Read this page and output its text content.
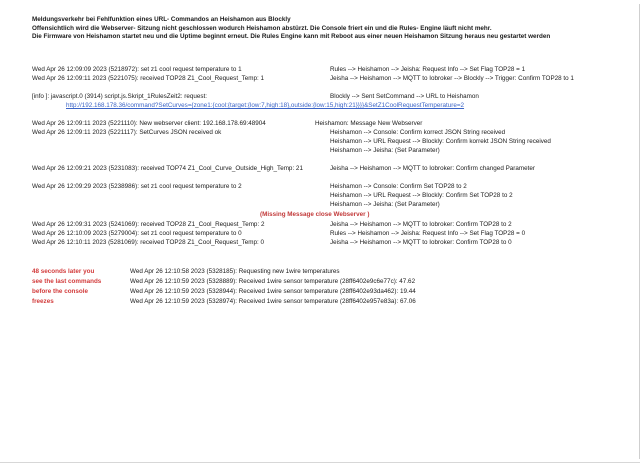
Meldungsverkehr bei Fehlfunktion eines URL- Commandos an Heishamon aus Blockly
Offensichtlich wird die Webserver- Sitzung nicht geschlossen wodurch Heishamon abstürzt. Die Console friert ein und die Rules- Engine läuft nicht mehr.
Die Firmware von Heishamon startet neu und die Uptime beginnt erneut. Die Rules Engine kann mit Reboot aus einer neuen Heishamon Sitzung heraus neu gestartet werden
Wed Apr 26 12:09:09 2023 (5218972): set z1 cool request temperature to 1
Wed Apr 26 12:09:11 2023 (5221075): received TOP28 Z1_Cool_Request_Temp: 1
[info ]: javascript.0 (3914) script.js.Skript_1RulesZeit2: request:
http://192.168.178.36/command?SetCurves={zone1:{cool:{target:{low:7,high:18},outside:{low:15,high:21}}}}&SetZ1CoolRequestTemperature=2
Wed Apr 26 12:09:11 2023 (5221110): New webserver client: 192.168.178.69:48904
Wed Apr 26 12:09:11 2023 (5221117): SetCurves JSON received ok
Wed Apr 26 12:09:21 2023 (5231083): received TOP74 Z1_Cool_Curve_Outside_High_Temp: 21
Wed Apr 26 12:09:29 2023 (5238986): set z1 cool request temperature to 2
Wed Apr 26 12:09:31 2023 (5241069): received TOP28 Z1_Cool_Request_Temp: 2
Wed Apr 26 12:10:09 2023 (5279004): set z1 cool request temperature to 0
Wed Apr 26 12:10:11 2023 (5281069): received TOP28 Z1_Cool_Request_Temp: 0
Rules --> Heishamon --> Jeisha: Request Info --> Set Flag TOP28 = 1
Jeisha --> Heishamon --> MQTT to Iobroker --> Blockly --> Trigger: Confirm TOP28 to 1
Blockly --> Sent SetCommand --> URL to Heishamon
Heishamon: Message New Webserver
Heishamon --> Console: Confirm korrect JSON String received
Heishamon --> URL Request --> Blockly: Confirm korrekt JSON String received
Heishamon --> Jeisha: (Set Parameter)
Jeisha --> Heishamon --> MQTT to Iobroker: Confirm changed Parameter
Heishamon --> Console: Confirm Set TOP28 to 2
Heishamon --> URL Request --> Blockly: Confirm Set TOP28 to 2
Heishamon --> Jeisha: (Set Parameter)
Jeisha --> Heishamon --> MQTT to Iobroker: Confirm TOP28 to 2
Rules --> Heishamon --> Jeisha: Request Info --> Set Flag TOP28 = 0
Jeisha --> Heishamon --> MQTT to Iobroker: Confirm TOP28 to 0
(Missing Message close Webserver )
48 seconds later you
see the last commands
before the console
freezes
Wed Apr 26 12:10:58 2023 (5328185): Requesting new 1wire temperatures
Wed Apr 26 12:10:59 2023 (5328889): Received 1wire sensor temperature (28ff6402e9c6e77c): 47.62
Wed Apr 26 12:10:59 2023 (5328944): Received 1wire sensor temperature (28ff6402e93da462): 19.44
Wed Apr 26 12:10:59 2023 (5328974): Received 1wire sensor temperature (28ff6402e957e83a): 67.06
